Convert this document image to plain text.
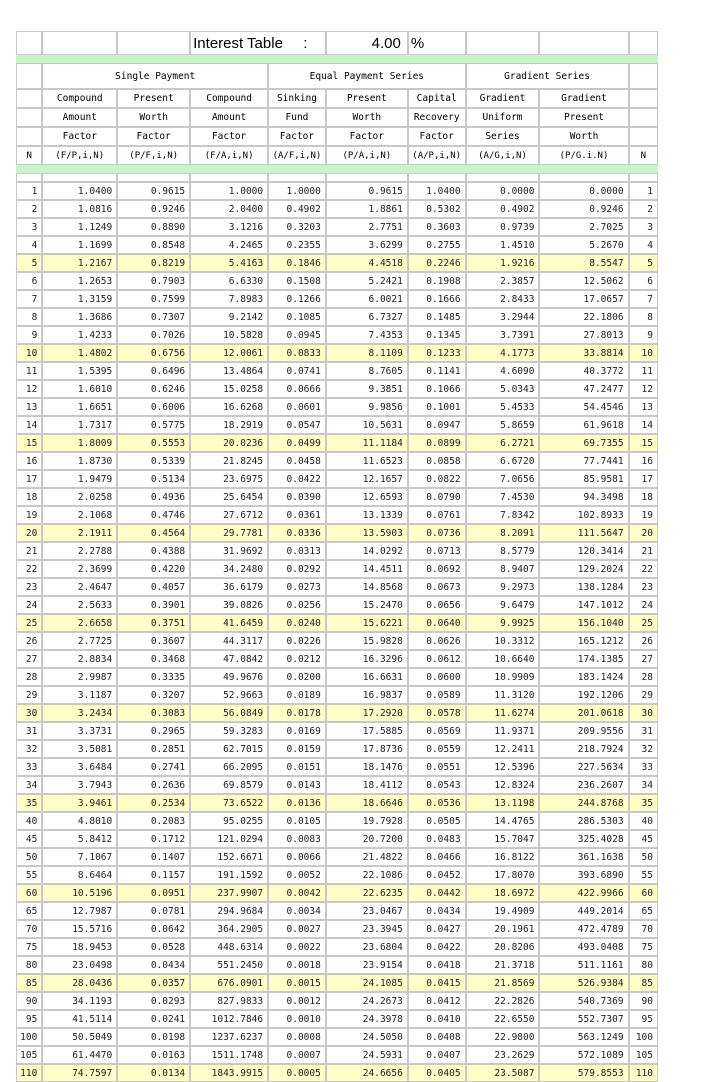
			Interest Table :		4.00	%			

	Single Payment			Equal Payment Series			Gradient Series		
	Compound	Present	Compound	Sinking	Present	Capital	Gradient	Gradient	
	Amount	Worth	Amount	Fund	Worth	Recovery	Uniform	Present	
	Factor	Factor	Factor	Factor	Factor	Factor	Series	Worth	
N	(F/P,i,N)	(P/F,i,N)	(F/A,i,N)	(A/F,i,N)	(P/A,i,N)	(A/P,i,N)	(A/G,i,N)	(P/G.i.N)	N

1	1.0400	0.9615	1.0000	1.0000	0.9615	1.0400	0.0000	0.0000	1
2	1.0816	0.9246	2.0400	0.4902	1.8861	0.5302	0.4902	0.9246	2
3	1.1249	0.8890	3.1216	0.3203	2.7751	0.3603	0.9739	2.7025	3
4	1.1699	0.8548	4.2465	0.2355	3.6299	0.2755	1.4510	5.2670	4
5	1.2167	0.8219	5.4163	0.1846	4.4518	0.2246	1.9216	8.5547	5
6	1.2653	0.7903	6.6330	0.1508	5.2421	0.1908	2.3857	12.5062	6
7	1.3159	0.7599	7.8983	0.1266	6.0021	0.1666	2.8433	17.0657	7
8	1.3686	0.7307	9.2142	0.1085	6.7327	0.1485	3.2944	22.1806	8
9	1.4233	0.7026	10.5828	0.0945	7.4353	0.1345	3.7391	27.8013	9
10	1.4802	0.6756	12.0061	0.0833	8.1109	0.1233	4.1773	33.8814	10
11	1.5395	0.6496	13.4864	0.0741	8.7605	0.1141	4.6090	40.3772	11
12	1.6010	0.6246	15.0258	0.0666	9.3851	0.1066	5.0343	47.2477	12
13	1.6651	0.6006	16.6268	0.0601	9.9856	0.1001	5.4533	54.4546	13
14	1.7317	0.5775	18.2919	0.0547	10.5631	0.0947	5.8659	61.9618	14
15	1.8009	0.5553	20.0236	0.0499	11.1184	0.0899	6.2721	69.7355	15
16	1.8730	0.5339	21.8245	0.0458	11.6523	0.0858	6.6720	77.7441	16
17	1.9479	0.5134	23.6975	0.0422	12.1657	0.0822	7.0656	85.9581	17
18	2.0258	0.4936	25.6454	0.0390	12.6593	0.0790	7.4530	94.3498	18
19	2.1068	0.4746	27.6712	0.0361	13.1339	0.0761	7.8342	102.8933	19
20	2.1911	0.4564	29.7781	0.0336	13.5903	0.0736	8.2091	111.5647	20
21	2.2788	0.4388	31.9692	0.0313	14.0292	0.0713	8.5779	120.3414	21
22	2.3699	0.4220	34.2480	0.0292	14.4511	0.0692	8.9407	129.2024	22
23	2.4647	0.4057	36.6179	0.0273	14.8568	0.0673	9.2973	138.1284	23
24	2.5633	0.3901	39.0826	0.0256	15.2470	0.0656	9.6479	147.1012	24
25	2.6658	0.3751	41.6459	0.0240	15.6221	0.0640	9.9925	156.1040	25
26	2.7725	0.3607	44.3117	0.0226	15.9828	0.0626	10.3312	165.1212	26
27	2.8834	0.3468	47.0842	0.0212	16.3296	0.0612	10.6640	174.1385	27
28	2.9987	0.3335	49.9676	0.0200	16.6631	0.0600	10.9909	183.1424	28
29	3.1187	0.3207	52.9663	0.0189	16.9837	0.0589	11.3120	192.1206	29
30	3.2434	0.3083	56.0849	0.0178	17.2920	0.0578	11.6274	201.0618	30
31	3.3731	0.2965	59.3283	0.0169	17.5885	0.0569	11.9371	209.9556	31
32	3.5081	0.2851	62.7015	0.0159	17.8736	0.0559	12.2411	218.7924	32
33	3.6484	0.2741	66.2095	0.0151	18.1476	0.0551	12.5396	227.5634	33
34	3.7943	0.2636	69.8579	0.0143	18.4112	0.0543	12.8324	236.2607	34
35	3.9461	0.2534	73.6522	0.0136	18.6646	0.0536	13.1198	244.8768	35
40	4.8010	0.2083	95.0255	0.0105	19.7928	0.0505	14.4765	286.5303	40
45	5.8412	0.1712	121.0294	0.0083	20.7200	0.0483	15.7047	325.4028	45
50	7.1067	0.1407	152.6671	0.0066	21.4822	0.0466	16.8122	361.1638	50
55	8.6464	0.1157	191.1592	0.0052	22.1086	0.0452	17.8070	393.6890	55
60	10.5196	0.0951	237.9907	0.0042	22.6235	0.0442	18.6972	422.9966	60
65	12.7987	0.0781	294.9684	0.0034	23.0467	0.0434	19.4909	449.2014	65
70	15.5716	0.0642	364.2905	0.0027	23.3945	0.0427	20.1961	472.4789	70
75	18.9453	0.0528	448.6314	0.0022	23.6804	0.0422	20.8206	493.0408	75
80	23.0498	0.0434	551.2450	0.0018	23.9154	0.0418	21.3718	511.1161	80
85	28.0436	0.0357	676.0901	0.0015	24.1085	0.0415	21.8569	526.9384	85
90	34.1193	0.0293	827.9833	0.0012	24.2673	0.0412	22.2826	540.7369	90
95	41.5114	0.0241	1012.7846	0.0010	24.3978	0.0410	22.6550	552.7307	95
100	50.5049	0.0198	1237.6237	0.0008	24.5050	0.0408	22.9800	563.1249	100
105	61.4470	0.0163	1511.1748	0.0007	24.5931	0.0407	23.2629	572.1089	105
110	74.7597	0.0134	1843.9915	0.0005	24.6656	0.0405	23.5087	579.8553	110
